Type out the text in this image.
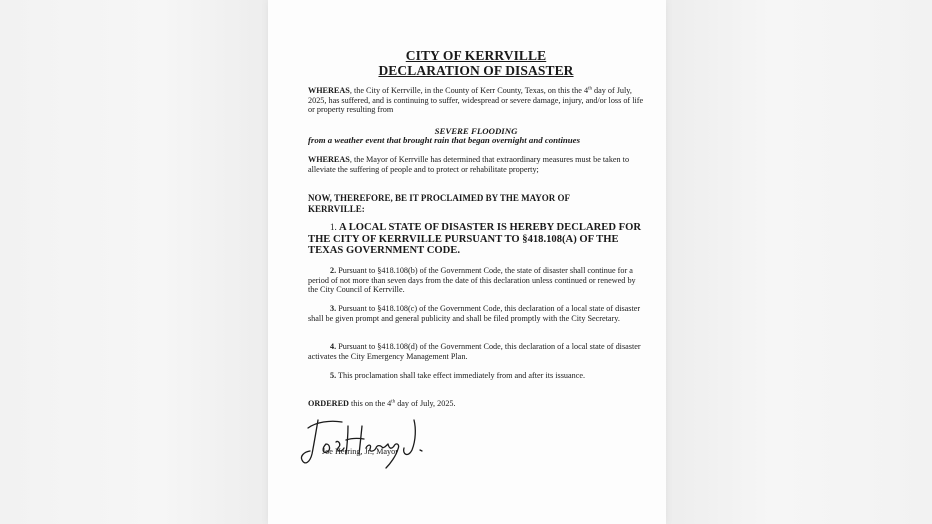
CITY OF KERRVILLE
DECLARATION OF DISASTER
WHEREAS, the City of Kerrville, in the County of Kerr County, Texas, on this the 4th day of July, 2025, has suffered, and is continuing to suffer, widespread or severe damage, injury, and/or loss of life or property resulting from
SEVERE FLOODING
from a weather event that brought rain that began overnight and continues
WHEREAS, the Mayor of Kerrville has determined that extraordinary measures must be taken to alleviate the suffering of people and to protect or rehabilitate property;
NOW, THEREFORE, BE IT PROCLAIMED BY THE MAYOR OF KERRVILLE:

1. A LOCAL STATE OF DISASTER IS HEREBY DECLARED FOR THE CITY OF KERRVILLE PURSUANT TO §418.108(A) OF THE TEXAS GOVERNMENT CODE.

2. Pursuant to §418.108(b) of the Government Code, the state of disaster shall continue for a period of not more than seven days from the date of this declaration unless continued or renewed by the City Council of Kerrville.

3. Pursuant to §418.108(c) of the Government Code, this declaration of a local state of disaster shall be given prompt and general publicity and shall be filed promptly with the City Secretary.

4. Pursuant to §418.108(d) of the Government Code, this declaration of a local state of disaster activates the City Emergency Management Plan.

5. This proclamation shall take effect immediately from and after its issuance.

ORDERED this on the 4th day of July, 2025.
Joe Herring, Jr., Mayor
